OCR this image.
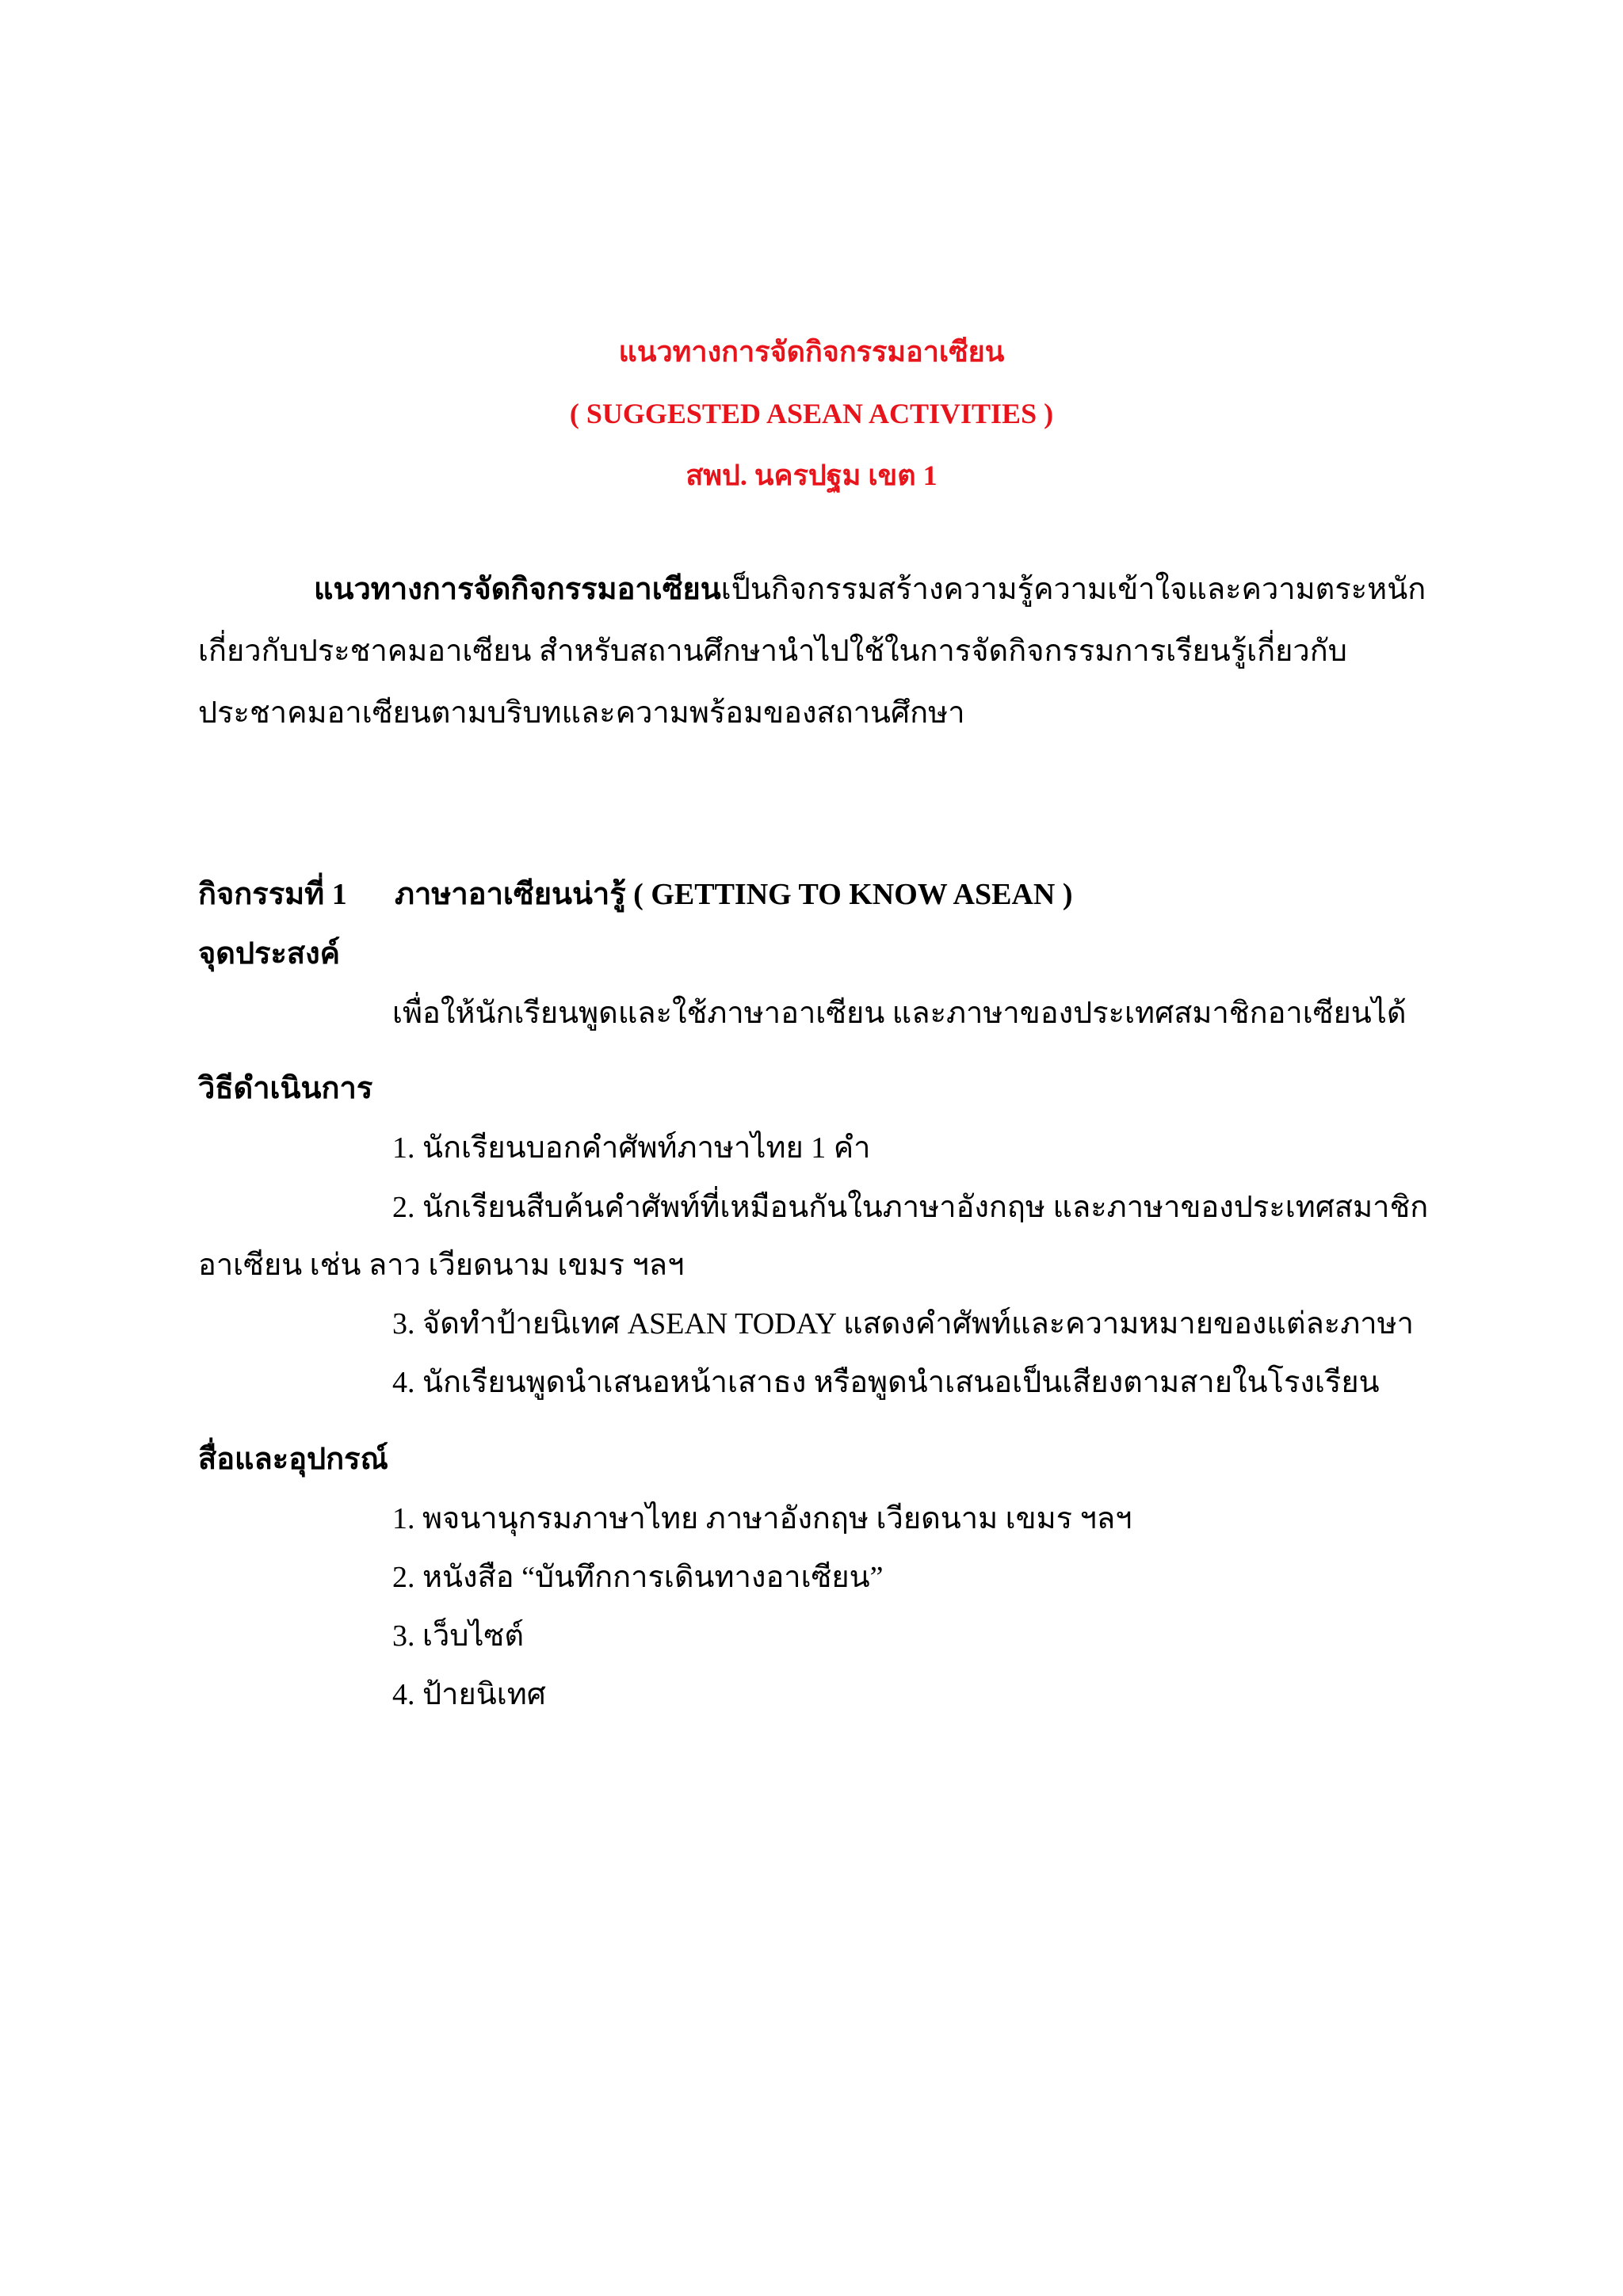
แนวทางการจัดกิจกรรมอาเซียน
( SUGGESTED ASEAN ACTIVITIES )
สพป. นครปฐม เขต 1
แนวทางการจัดกิจกรรมอาเซียนเป็นกิจกรรมสร้างความรู้ความเข้าใจและความตระหนักเกี่ยวกับประชาคมอาเซียน สำหรับสถานศึกษานำไปใช้ในการจัดกิจกรรมการเรียนรู้เกี่ยวกับประชาคมอาเซียนตามบริบทและความพร้อมของสถานศึกษา
กิจกรรมที่ 1 ภาษาอาเซียนน่ารู้ ( GETTING TO KNOW ASEAN )
จุดประสงค์
เพื่อให้นักเรียนพูดและใช้ภาษาอาเซียน และภาษาของประเทศสมาชิกอาเซียนได้
วิธีดำเนินการ
1. นักเรียนบอกคำศัพท์ภาษาไทย 1 คำ
2. นักเรียนสืบค้นคำศัพท์ที่เหมือนกันในภาษาอังกฤษ และภาษาของประเทศสมาชิก
อาเซียน เช่น ลาว เวียดนาม เขมร ฯลฯ
3. จัดทำป้ายนิเทศ ASEAN TODAY แสดงคำศัพท์และความหมายของแต่ละภาษา
4. นักเรียนพูดนำเสนอหน้าเสาธง หรือพูดนำเสนอเป็นเสียงตามสายในโรงเรียน
สื่อและอุปกรณ์
1. พจนานุกรมภาษาไทย ภาษาอังกฤษ เวียดนาม เขมร ฯลฯ
2. หนังสือ “บันทึกการเดินทางอาเซียน”
3. เว็บไซต์
4. ป้ายนิเทศ
